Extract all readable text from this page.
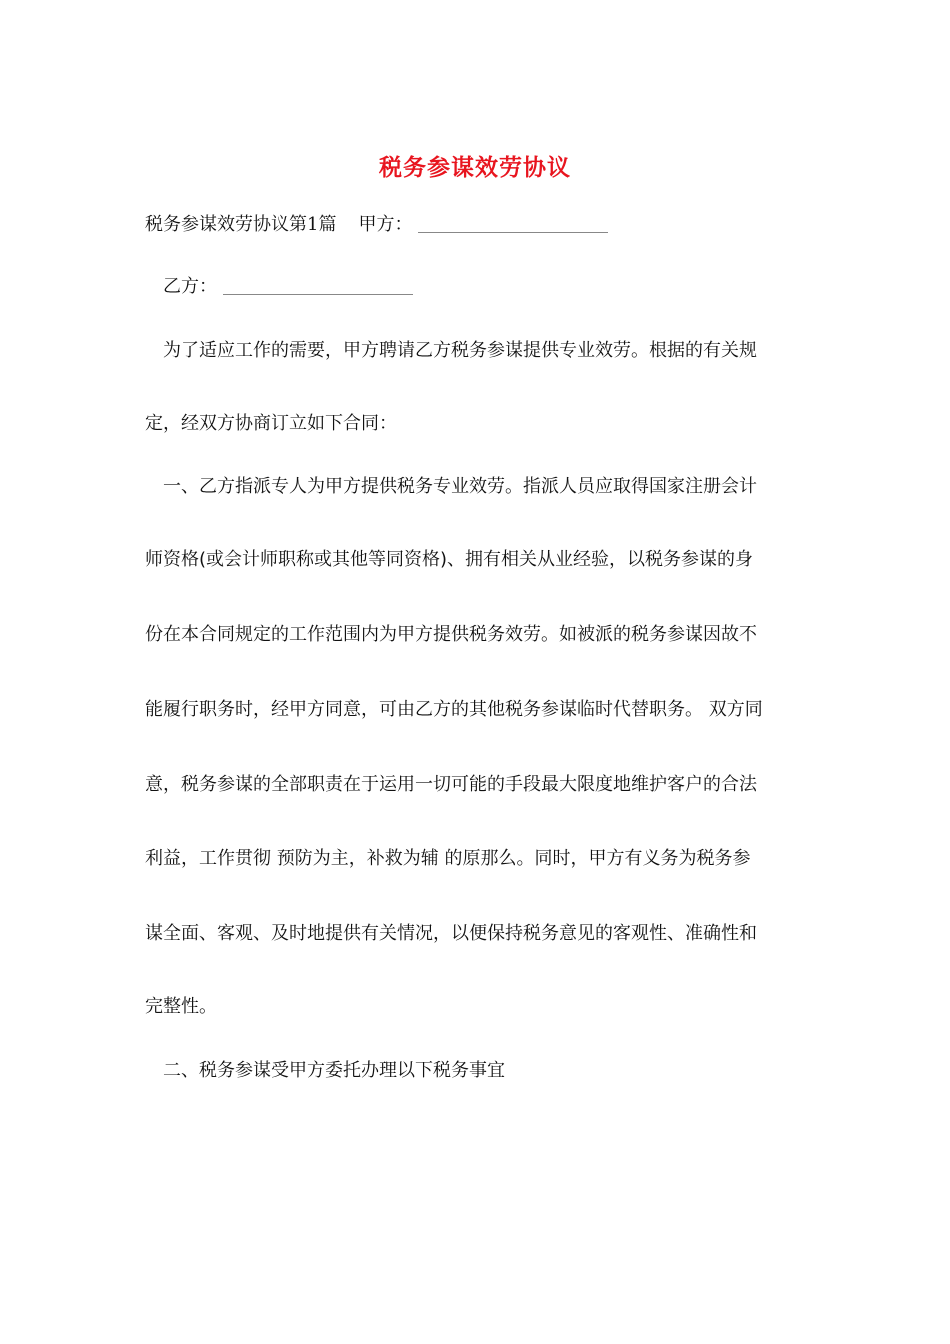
税务参谋效劳协议
税务参谋效劳协议第1篇 甲方：
乙方：
为了适应工作的需要，甲方聘请乙方税务参谋提供专业效劳。根据的有关规
定，经双方协商订立如下合同：
一、乙方指派专人为甲方提供税务专业效劳。指派人员应取得国家注册会计
师资格(或会计师职称或其他等同资格)、拥有相关从业经验，以税务参谋的身
份在本合同规定的工作范围内为甲方提供税务效劳。如被派的税务参谋因故不
能履行职务时，经甲方同意，可由乙方的其他税务参谋临时代替职务。 双方同
意，税务参谋的全部职责在于运用一切可能的手段最大限度地维护客户的合法
利益，工作贯彻 预防为主，补救为辅 的原那么。同时，甲方有义务为税务参
谋全面、客观、及时地提供有关情况，以便保持税务意见的客观性、准确性和
完整性。
二、税务参谋受甲方委托办理以下税务事宜
